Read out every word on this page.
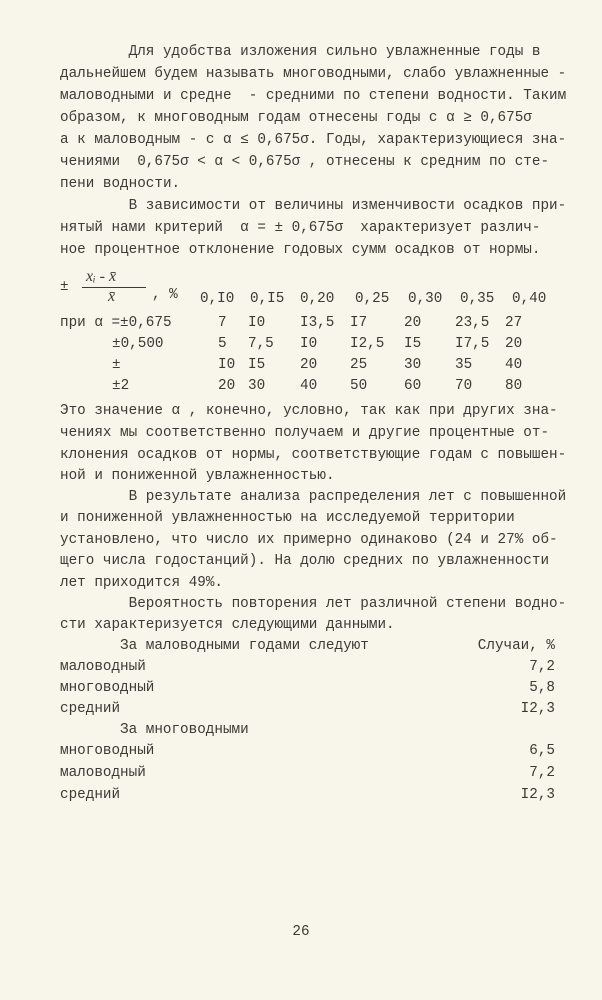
Для удобства изложения сильно увлажненные годы в
дальнейшем будем называть многоводными, слабо увлажненные -
маловодными и средне  - средними по степени водности. Таким
образом, к многоводным годам отнесены годы с α ≥ 0,675σ
а к маловодным - с α ≤ 0,675σ. Годы, характеризующиеся зна-
чениями  0,675σ < α < 0,675σ , отнесены к средним по сте-
пени водности.
В зависимости от величины изменчивости осадков при-
нятый нами критерий  α = ± 0,675σ  характеризует различ-
ное процентное отклонение годовых сумм осадков от нормы.
±
xᵢ - x̄
x̄	, % 0,I0 0,I5 0,20 0,25 0,30 0,35 0,40
при α =±0,675	7 I0 I3,5 I7	20 23,5 27
±0,500	5 7,5 I0 I2,5 I5 I7,5 20
±	I0 I5 20 25	30 35 40
±2	20 30 40 50	60 70 80
Это значение α , конечно, условно, так как при других зна-
чениях мы соответственно получаем и другие процентные от-
клонения осадков от нормы, соответствующие годам с повышен-
ной и пониженной увлажненностью.
В результате анализа распределения лет с повышенной
и пониженной увлажненностью на исследуемой территории
установлено, что число их примерно одинаково (24 и 27% об-
щего числа годостанций). На долю средних по увлажненности
лет приходится 49%.
Вероятность повторения лет различной степени водно-
сти характеризуется следующими данными.
За маловодными годами следуют	Случаи, %
маловодный	7,2
многоводный	5,8
средний	I2,3
За многоводными
многоводный	6,5
маловодный	7,2
средний	I2,3
26
